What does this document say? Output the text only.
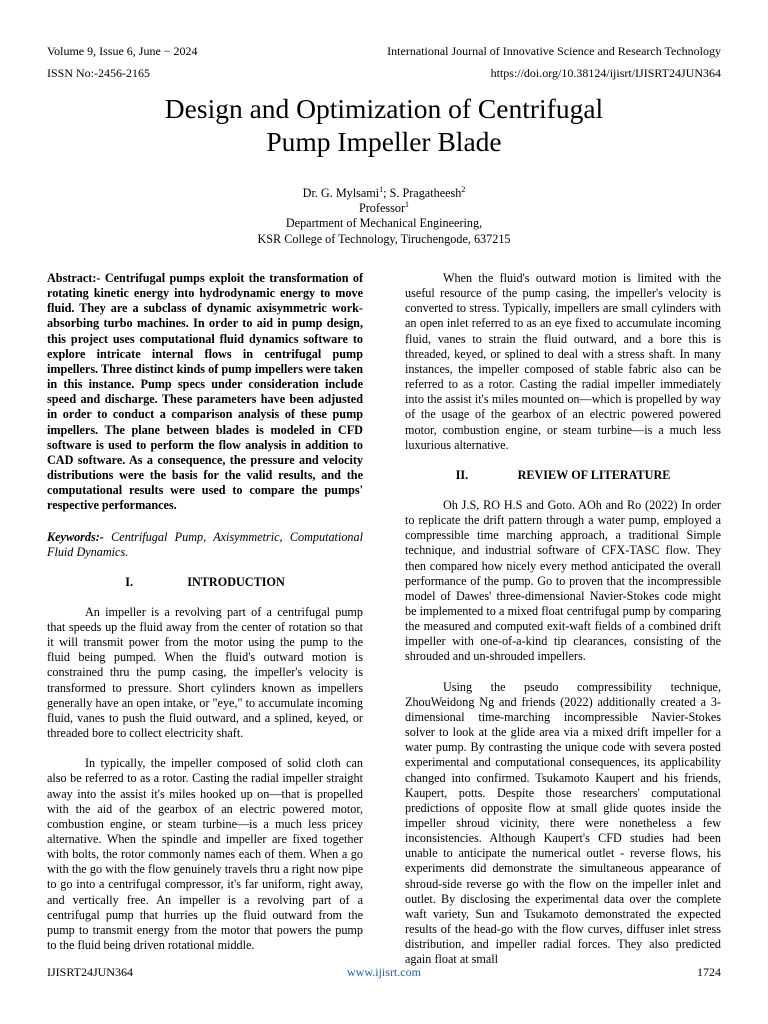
Volume 9, Issue 6, June − 2024	International Journal of Innovative Science and Research Technology
ISSN No:-2456-2165	https://doi.org/10.38124/ijisrt/IJISRT24JUN364
Design and Optimization of Centrifugal
Pump Impeller Blade
Dr. G. Mylsami$^1$; S. Pragatheesh$^2$
Professor$^1$
Department of Mechanical Engineering,
KSR College of Technology, Tiruchengode, 637215

Abstract:- Centrifugal pumps exploit the transformation of rotating kinetic energy into hydrodynamic energy to move fluid. They are a subclass of dynamic axisymmetric work-absorbing turbo machines. In order to aid in pump design, this project uses computational fluid dynamics software to explore intricate internal flows in centrifugal pump impellers. Three distinct kinds of pump impellers were taken in this instance. Pump specs under consideration include speed and discharge. These parameters have been adjusted in order to conduct a comparison analysis of these pump impellers. The plane between blades is modeled in CFD software is used to perform the flow analysis in addition to CAD software. As a consequence, the pressure and velocity distributions were the basis for the valid results, and the computational results were used to compare the pumps' respective performances.

Keywords:- Centrifugal Pump, Axisymmetric, Computational Fluid Dynamics.

I.	INTRODUCTION

An impeller is a revolving part of a centrifugal pump that speeds up the fluid away from the center of rotation so that it will transmit power from the motor using the pump to the fluid being pumped. When the fluid's outward motion is constrained thru the pump casing, the impeller's velocity is transformed to pressure. Short cylinders known as impellers generally have an open intake, or "eye," to accumulate incoming fluid, vanes to push the fluid outward, and a splined, keyed, or threaded bore to collect electricity shaft.

In typically, the impeller composed of solid cloth can also be referred to as a rotor. Casting the radial impeller straight away into the assist it's miles hooked up on—that is propelled with the aid of the gearbox of an electric powered motor, combustion engine, or steam turbine—is a much less pricey alternative. When the spindle and impeller are fixed together with bolts, the rotor commonly names each of them. When a go with the go with the flow genuinely travels thru a right now pipe to go into a centrifugal compressor, it's far uniform, right away, and vertically free. An impeller is a revolving part of a centrifugal pump that hurries up the fluid outward from the pump to transmit energy from the motor that powers the pump to the fluid being driven rotational middle.

When the fluid's outward motion is limited with the useful resource of the pump casing, the impeller's velocity is converted to stress. Typically, impellers are small cylinders with an open inlet referred to as an eye fixed to accumulate incoming fluid, vanes to strain the fluid outward, and a bore this is threaded, keyed, or splined to deal with a stress shaft. In many instances, the impeller composed of stable fabric also can be referred to as a rotor. Casting the radial impeller immediately into the assist it's miles mounted on—which is propelled by way of the usage of the gearbox of an electric powered powered motor, combustion engine, or steam turbine—is a much less luxurious alternative.

II.	REVIEW OF LITERATURE

Oh J.S, RO H.S and Goto. AOh and Ro (2022) In order to replicate the drift pattern through a water pump, employed a compressible time marching approach, a traditional Simple technique, and industrial software of CFX-TASC flow. They then compared how nicely every method anticipated the overall performance of the pump. Go to proven that the incompressible model of Dawes' three-dimensional Navier-Stokes code might be implemented to a mixed float centrifugal pump by comparing the measured and computed exit-waft fields of a combined drift impeller with one-of-a-kind tip clearances, consisting of the shrouded and un-shrouded impellers.

Using the pseudo compressibility technique, ZhouWeidong Ng and friends (2022) additionally created a 3-dimensional time-marching incompressible Navier-Stokes solver to look at the glide area via a mixed drift impeller for a water pump. By contrasting the unique code with severa posted experimental and computational consequences, its applicability changed into confirmed. Tsukamoto Kaupert and his friends, Kaupert, potts. Despite those researchers' computational predictions of opposite flow at small glide quotes inside the impeller shroud vicinity, there were nonetheless a few inconsistencies. Although Kaupert's CFD studies had been unable to anticipate the numerical outlet - reverse flows, his experiments did demonstrate the simultaneous appearance of shroud-side reverse go with the flow on the impeller inlet and outlet. By disclosing the experimental data over the complete waft variety, Sun and Tsukamoto demonstrated the expected results of the head-go with the flow curves, diffuser inlet stress distribution, and impeller radial forces. They also predicted again float at small

IJISRT24JUN364	www.ijisrt.com	1724
